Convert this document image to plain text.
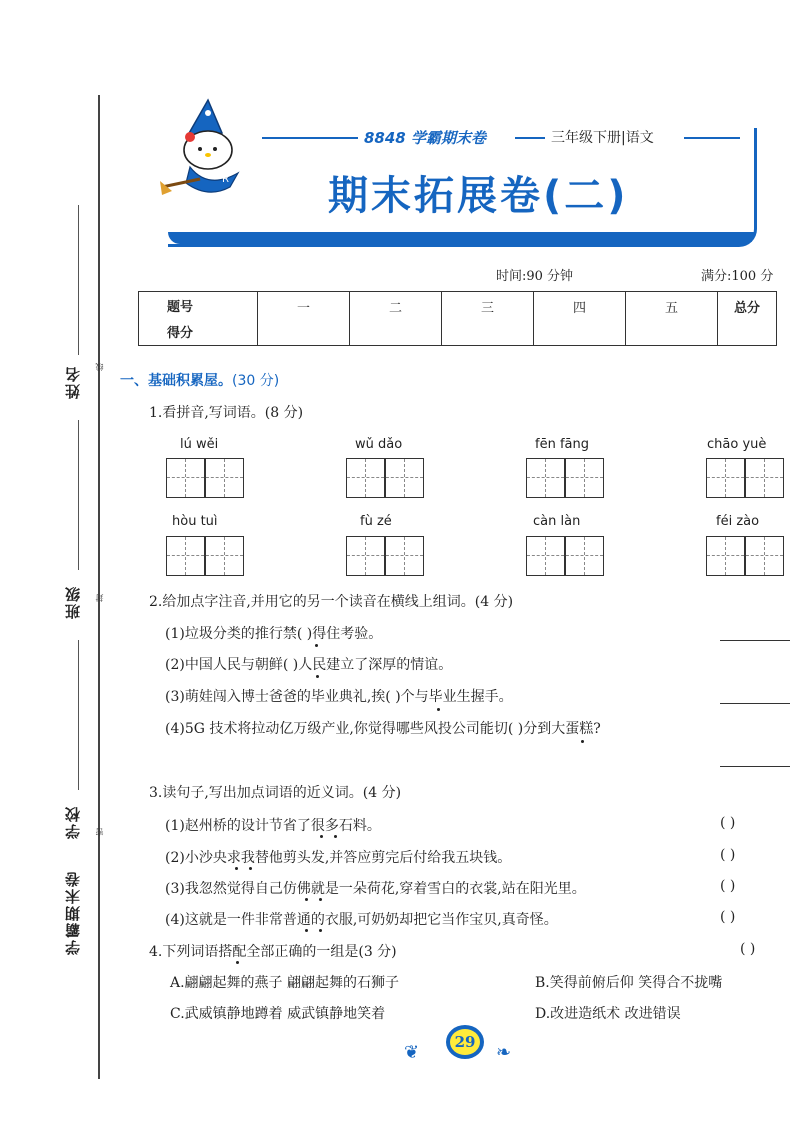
姓名 线
班级 封
学校 密
学霸期末卷
R
8848 学霸期末卷	三年级下册|语文
期末拓展卷(二)
时间:90 分钟	满分:100 分
题号	一	二	三	四	五	总分

得分
一、基础积累屋。(30 分)
1.看拼音,写词语。(8 分)
lú wěi	wǔ dǎo	fēn fāng	chāo yuè
hòu tuì	fù zé	càn làn	féi zào
2.给加点字注音,并用它的另一个读音在横线上组词。(4 分)
(1)垃圾分类的推行禁( )得住考验。
(2)中国人民与朝鲜( )人民建立了深厚的情谊。
(3)萌娃闯入博士爸爸的毕业典礼,挨( )个与毕业生握手。
(4)5G 技术将拉动亿万级产业,你觉得哪些风投公司能切( )分到大蛋糕?
3.读句子,写出加点词语的近义词。(4 分)
(1)赵州桥的设计节省了很多石料。	( )
(2)小沙央求我替他剪头发,并答应剪完后付给我五块钱。	( )
(3)我忽然觉得自己仿佛就是一朵荷花,穿着雪白的衣裳,站在阳光里。	( )
(4)这就是一件非常普通的衣服,可奶奶却把它当作宝贝,真奇怪。	( )
4.下列词语搭配全部正确的一组是(3 分)	( )
A.翩翩起舞的燕子 翩翩起舞的石狮子	B.笑得前俯后仰 笑得合不拢嘴
C.武威镇静地蹲着 威武镇静地笑着	D.改进造纸术 改进错误
❦	29 ❧
